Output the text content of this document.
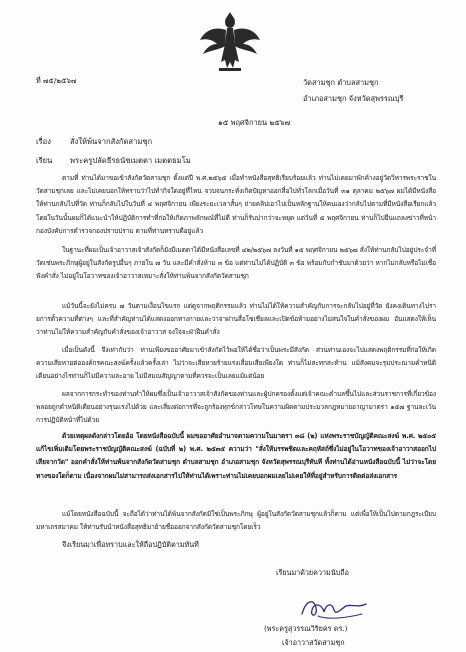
ที่ ๗๕/๒๕๖๗	วัดสามชุก ตำบลสามชุก
อำเภอสามชุก จังหวัดสุพรรณบุรี
๑๕ พฤศจิกายน ๒๕๖๗
เรื่อง	สั่งให้พ้นจากสังกัดสามชุก
เรียน พระครูปลัดธีรธนัชเมตตา เมตตธมโม
ตามที่ ท่านได้มาขอเข้าสังกัดวัดสามชุก ตั้งแต่ปี พ.ศ.๒๕๖๕ เมื่อทำหนังสือสุทธิเรียบร้อยแล้ว ท่านไม่เคยมาพักค้างอยู่วัดวิหารพระราชในวัดสามชุกเลย และไม่เคยบอกให้ทราบว่าไปทำกิจใดอยู่ที่ไหน จวบจนกระทั่งเกิดปัญหาออกสื่อไปทั่วโลกเมื่อวันที่ ๓๑ ตุลาคม ๒๕๖๗ ผมได้มีหนังสือให้ท่านกลับไปที่วัด ท่านก็กลับไปในวันที่ ๔ พฤศจิกายน เพียงระยะเวลาสั้นๆ ถ่ายคลิปเอาไปเป็นหลักฐานให้คนเองว่ากลับไปตามที่มีหนังสือเรียกแล้ว โดยในวันนั้นผมก็ได้แนะนำให้ปฏิบัติการทำที่ก่อให้เกิดภาพลักษณ์ที่ไม่ดี ท่านก็รับปากว่าจะหยุด แต่วันที่ ๕ พฤศจิกายน ท่านก็ไปยืนแถลงข่าวที่หน้ากองบังคับการตำรวจกองปราบปราม ตามที่ท่านทราบดีอยู่แล้ว
ในฐานะที่ผมเป็นเจ้าอาวาสเจ้าสังกัดก็ยังมีเมตตาได้มีหนังสือเลขที่ ๔๒/๒๕๖๗ ลงวันที่ ๑๕ พฤศจิกายน ๒๕๖๗ สั่งให้ท่านกลับไปอยู่ประจำที่วัดเช่นพระภิกษุผู้อยู่ในสังกัดรูปอื่นๆ ภายใน ๗ วัน และมีคำสั่งห้าม ๓ ข้อ แต่ท่านไม่ได้ปฏิบัติ ๓ ข้อ พร้อมกับกำชับมาด้วยว่า หากไม่กลับหรือไม่เชื่อฟังคำสั่ง ไม่อยู่ในโอวาทของเจ้าอาวาสเหมาะสั่งให้ท่านพ้นจากสังกัดวัดสามชุก
แม้วันนี้จะยังไม่ครบ ๗ วันตามเงื่อนไขแรก แต่ดูจากพฤติกรรมแล้ว ท่านไม่ได้ให้ความสำคัญกับการจะกลับไปอยู่ที่วัด ยังคงเดินทางไปรายการตั้วความที่ต่างๆ และที่สำคัญท่านได้แสดงออกทางกายและวาจาผ่านสื่อโซเชียลและเปิดข้อห้ามอย่างไม่สนใจในคำสั่งของผม อันแสดงให้เห็นว่าท่านไม่ให้ความสำคัญกับคำสั่งของเจ้าอาวาส จงใจจะฝ่าฝืนคำสั่ง
เมื่อเป็นดังนี้ จึงเท่ากับว่า ท่านเพียงขออาศัยมาเข้าสังกัดไว้พอให้ได้ชื่อว่าเป็นพระมีสังกัด ส่วนท่านเองจะไปแสดงพฤติกรรมที่ก่อให้เกิดความเสียหายต่อองค์กรคณะสงฆ์ครั้งแล้วครั้งเล่า ไม่ว่าจะเสียหายร้ายแรงเสื่อมเสียเพียงใด ท่านก็ไม่สะทกสะท้าน แม้สังคมจะรุมประณามคำหนิติเตียนอย่างไรท่านก็ไม่มีความละอาย ไม่มีสมณสัญญาตามที่ควรจะเป็นเลยแม้แต่น้อย
ผลจากการกระทำของท่านทำให้ผมซึ่งเป็นเจ้าอาวาสเจ้าสังกัดของท่านและผู้ปกครองตั้งแต่เจ้าคณะตำบลขึ้นไปและส่วนราชการที่เกี่ยวข้องพลอยถูกตำหนิติเตียนอย่างรุนแรงไปด้วย และเสี่ยงต่อการที่จะถูกร้องทุกข์กล่าวโทษในความผิดตามประมวลกฎหมายอาญามาตรา ๑๕๗ ฐานละเว้นการปฏิบัติหน้าที่ไปด้วย
ด้วยเหตุผลดังกล่าวโดยอ้อ โดยหนังสือฉบับนี้ ผมขออาศัยอำนาจตามความในมาตรา ๓๘ (๒) แห่งพระราชบัญญัติคณะสงฆ์ พ.ศ. ๒๕๐๕ แก้ไขเพิ่มเติมโดยพระราชบัญญัติคณะสงฆ์ (ฉบับที่ ๒) พ.ศ. ๒๕๓๕ ความว่า "สั่งให้บรรพชิตและคฤหัสถ์ซึ่งไม่อยู่ในโอวาทของเจ้าอาวาสออกไปเสียจากวัด" ออกคำสั่งให้ท่านพ้นจากสังกัดวัดสามชุก ตำบลสามชุก อำเภอสามชุก จังหวัดสุพรรณบุรีทันที ทั้งท่านได้อ่านหนังสือฉบับนี้ ไม่ว่าจะโดยทางของใดก็ตาม เนื่องจากผมไม่สามารถส่งเอกสารไปให้ท่านได้เพราะท่านไม่เคยบอกผมเลยไม่เคยให้ที่อยู่สำหรับการติดต่อส่งเอกสาร
แม้โดยหนังสือฉบับนี้ จะถือได้ว่าท่านได้พ้นจากสังกัดมิใช่เป็นพระภิกษุ ผู้อยู่ในสังกัดวัดสามชุกแล้วก็ตาม แต่เพื่อให้เป็นไปตามกฎระเบียบมหาเถรสมาคม ให้ท่านรับนำหนังสือสุทธิมาย้ายชื่อออกจากสังกัดวัดสามชุกโดยเร็ว
จึงเรียนมาเพื่อทราบและให้ถือปฏิบัติตามทันที
เรียนมาด้วยความนับถือ
(พระครูสุวรรณวิริยคร ดร.)
เจ้าอาวาสวัดสามชุก
